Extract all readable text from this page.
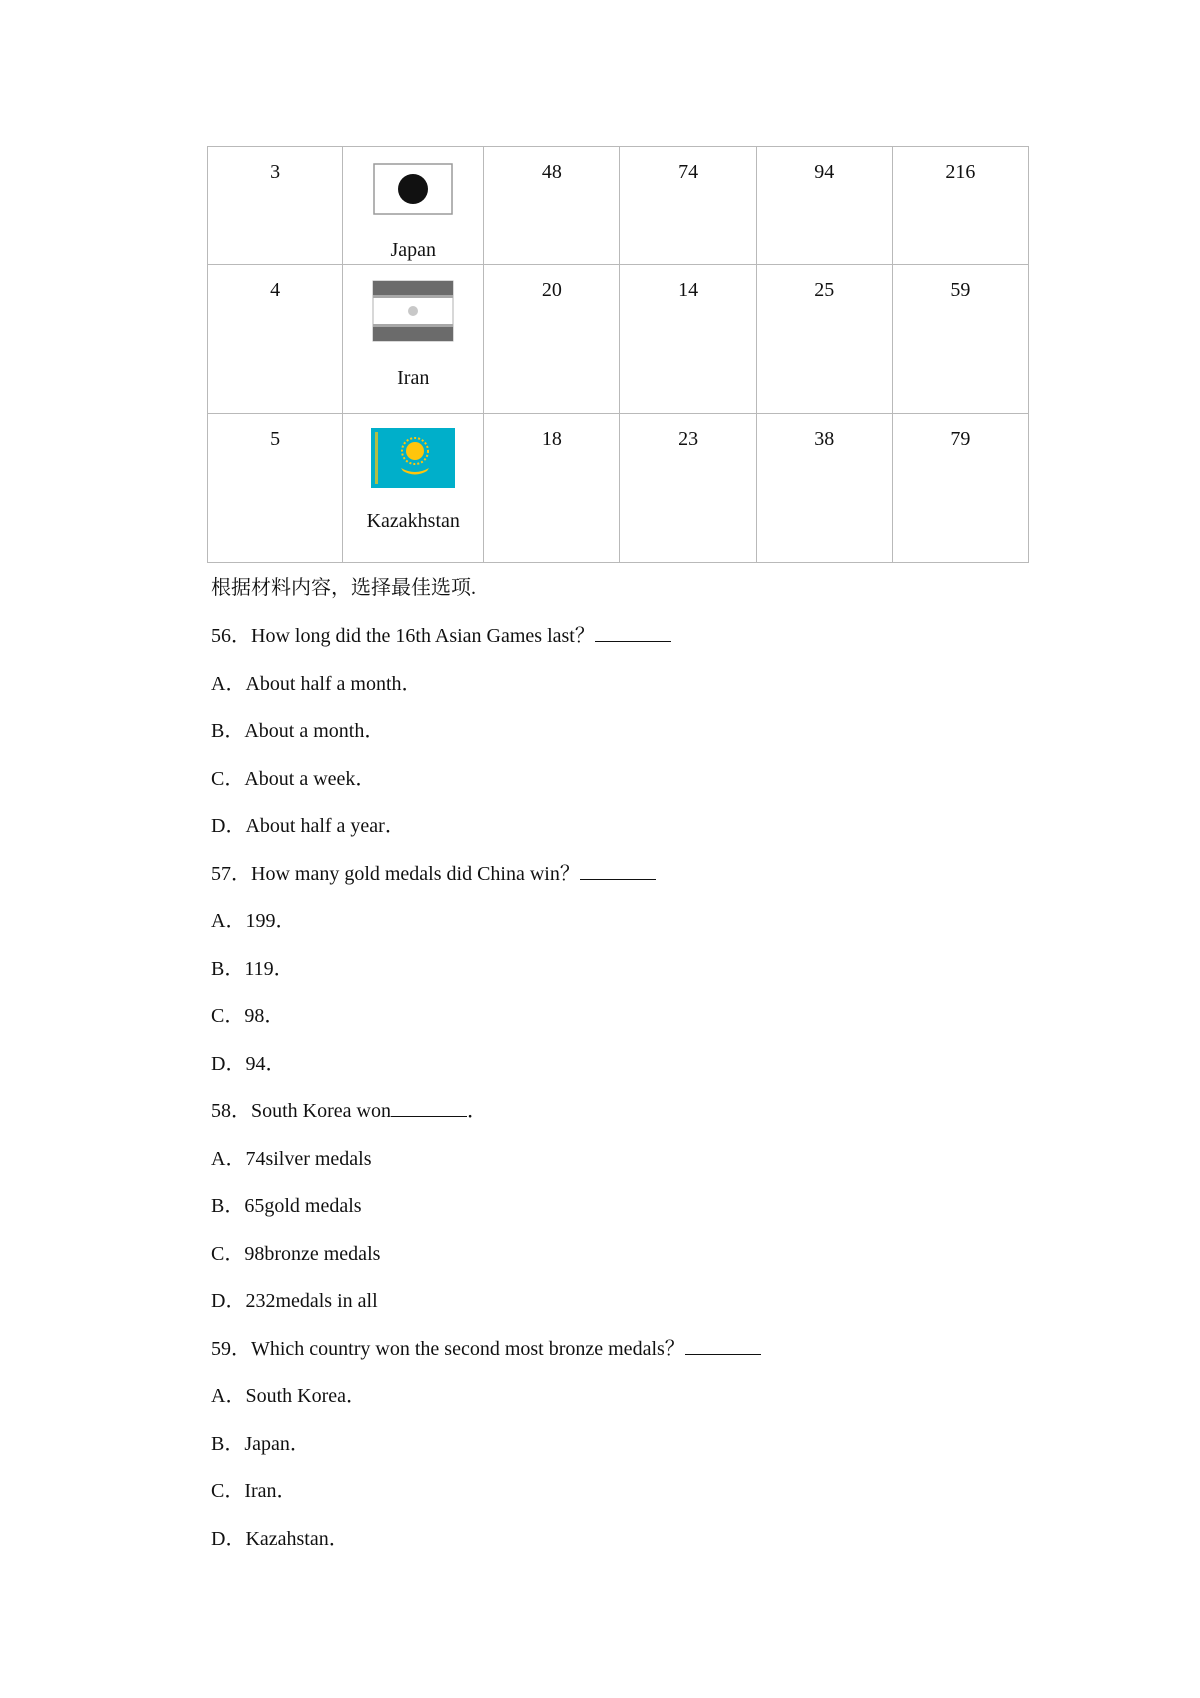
3	Japan	48	74	94	216
4	Iran	20	14	25	59
5	Kazakhstan	18	23	38	79
根据材料内容，选择最佳选项.
56．How long did the 16th Asian Games last？
A．About half a month．
B．About a month．
C．About a week．
D．About half a year．
57．How many gold medals did China win？
A．199．
B．119．
C．98．
D．94．
58．South Korea won	．
A．74silver medals
B．65gold medals
C．98bronze medals
D．232medals in all
59．Which country won the second most bronze medals？
A．South Korea．
B．Japan．
C．Iran．
D．Kazahstan．
